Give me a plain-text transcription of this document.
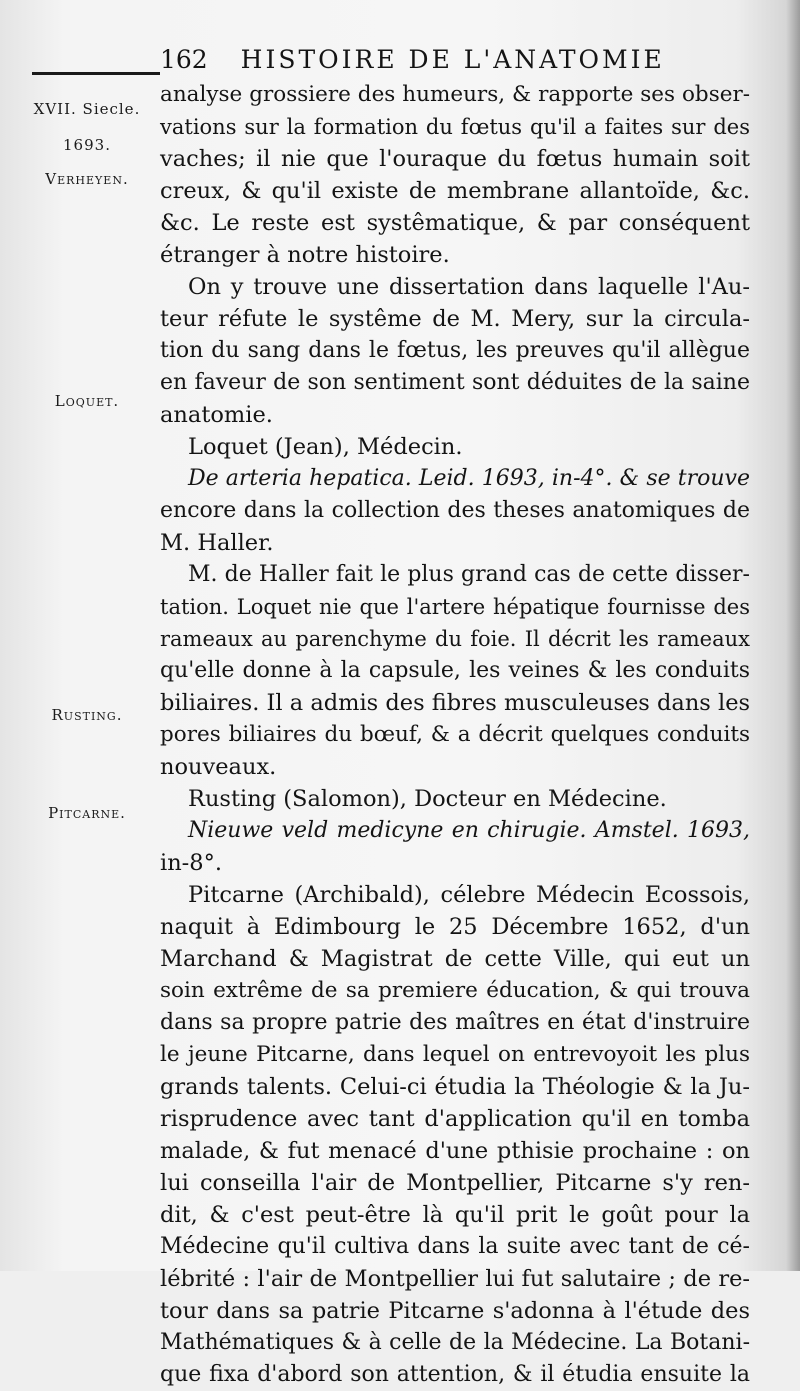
162 HISTOIRE DE L'ANATOMIE
XVII. Siecle.
1693.
Verheyen.
Loquet.
Rusting.
Pitcarne.
analyse grossiere des humeurs, & rapporte ses obser-
vations sur la formation du fœtus qu'il a faites sur des
vaches; il nie que l'ouraque du fœtus humain soit
creux, & qu'il existe de membrane allantoïde, &c.
&c. Le reste est systêmatique, & par conséquent
étranger à notre histoire.
On y trouve une dissertation dans laquelle l'Au-
teur réfute le systême de M. Mery, sur la circula-
tion du sang dans le fœtus, les preuves qu'il allègue
en faveur de son sentiment sont déduites de la saine
anatomie.
Loquet (Jean), Médecin.
De arteria hepatica. Leid. 1693, in-4°. & se trouve
encore dans la collection des theses anatomiques de
M. Haller.
M. de Haller fait le plus grand cas de cette disser-
tation. Loquet nie que l'artere hépatique fournisse des
rameaux au parenchyme du foie. Il décrit les rameaux
qu'elle donne à la capsule, les veines & les conduits
biliaires. Il a admis des fibres musculeuses dans les
pores biliaires du bœuf, & a décrit quelques conduits
nouveaux.
Rusting (Salomon), Docteur en Médecine.
Nieuwe veld medicyne en chirugie. Amstel. 1693,
in-8°.
Pitcarne (Archibald), célebre Médecin Ecossois,
naquit à Edimbourg le 25 Décembre 1652, d'un
Marchand & Magistrat de cette Ville, qui eut un
soin extrême de sa premiere éducation, & qui trouva
dans sa propre patrie des maîtres en état d'instruire
le jeune Pitcarne, dans lequel on entrevoyoit les plus
grands talents. Celui-ci étudia la Théologie & la Ju-
risprudence avec tant d'application qu'il en tomba
malade, & fut menacé d'une pthisie prochaine : on
lui conseilla l'air de Montpellier, Pitcarne s'y ren-
dit, & c'est peut-être là qu'il prit le goût pour la
Médecine qu'il cultiva dans la suite avec tant de cé-
lébrité : l'air de Montpellier lui fut salutaire ; de re-
tour dans sa patrie Pitcarne s'adonna à l'étude des
Mathématiques & à celle de la Médecine. La Botani-
que fixa d'abord son attention, & il étudia ensuite la
